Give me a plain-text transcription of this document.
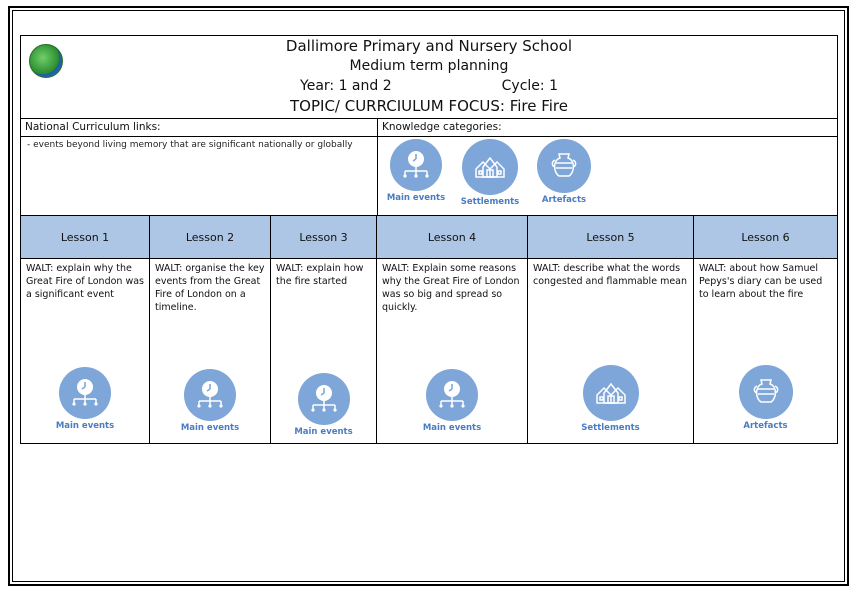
Dallimore Primary and Nursery School
Medium term planning
Year: 1 and 2	Cycle: 1
TOPIC/ CURRCIULUM FOCUS: Fire Fire
National Curriculum links:
- events beyond living memory that are significant nationally or globally
Knowledge categories:
Main events Settlements	Artefacts
Lesson 1
WALT: explain why the Great Fire of London was a significant event
Main events
Lesson 2
WALT: organise the key events from the Great Fire of London on a timeline.
Main events
Lesson 3
WALT: explain how the fire started
Main events
Lesson 4
WALT: Explain some reasons why the Great Fire of London was so big and spread so quickly.
Main events
Lesson 5
WALT: describe what the words congested and flammable mean
Settlements
Lesson 6
WALT: about how Samuel Pepys's diary can be used to learn about the fire
Artefacts
